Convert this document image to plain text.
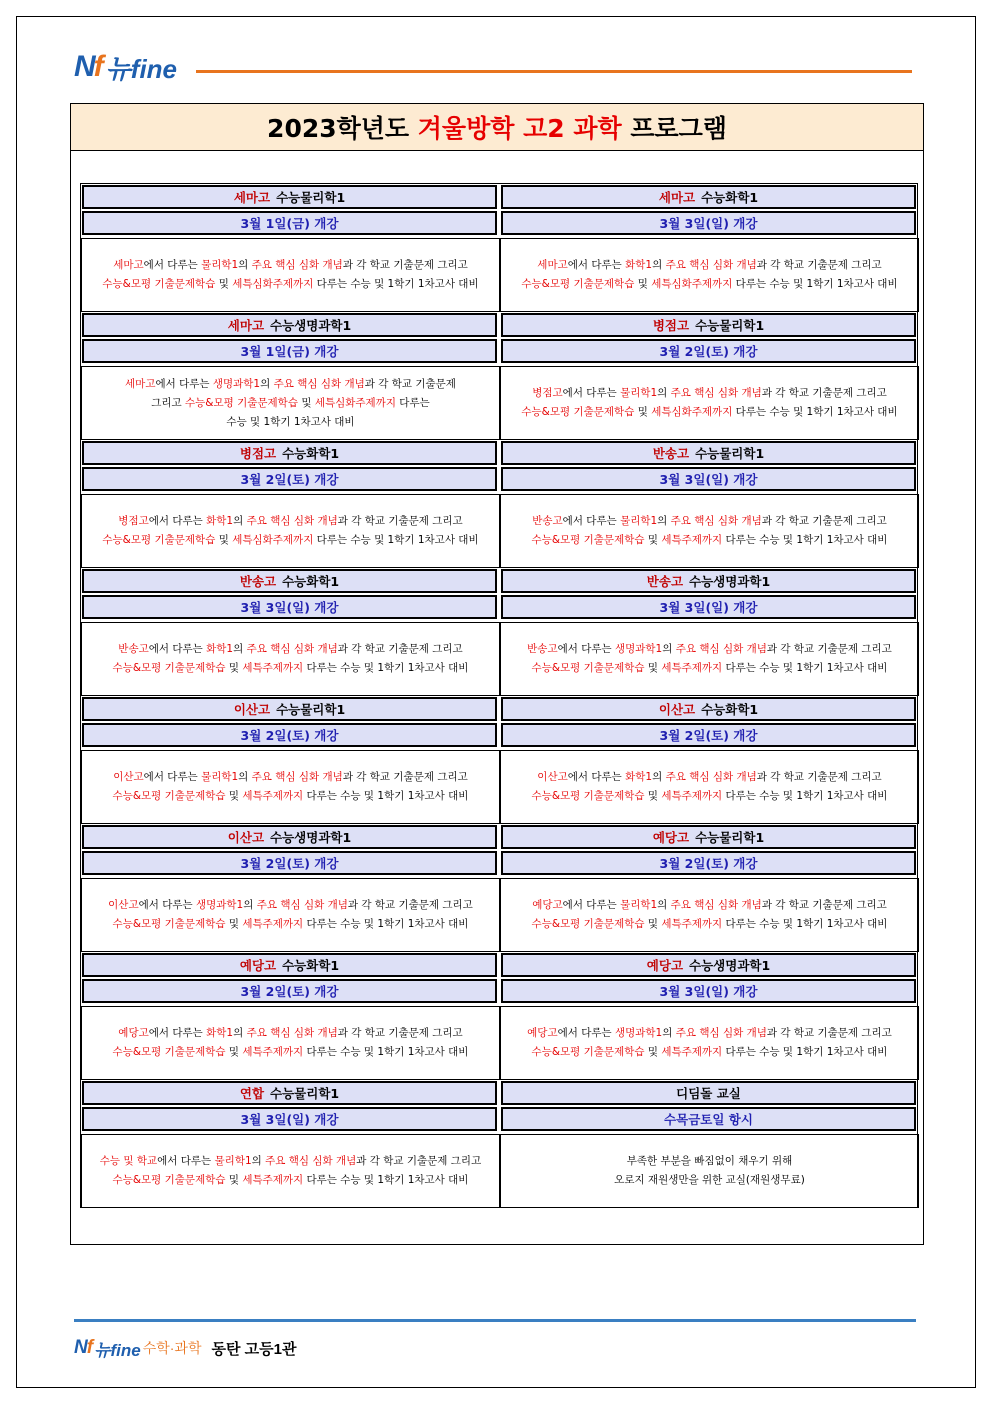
Nf 뉴fine
2023학년도 겨울방학 고2 과학 프로그램
세마고 수능물리학1
3월 1일(금) 개강
세마고에서 다루는 물리학1의 주요 핵심 심화 개념과 각 학교 기출문제 그리고
수능&모평 기출문제학습 및 세특심화주제까지 다루는 수능 및 1학기 1차고사 대비
세마고 수능화학1
3월 3일(일) 개강
세마고에서 다루는 화학1의 주요 핵심 심화 개념과 각 학교 기출문제 그리고
수능&모평 기출문제학습 및 세특심화주제까지 다루는 수능 및 1학기 1차고사 대비
세마고 수능생명과학1
3월 1일(금) 개강
세마고에서 다루는 생명과학1의 주요 핵심 심화 개념과 각 학교 기출문제
그리고 수능&모평 기출문제학습 및 세특심화주제까지 다루는
수능 및 1학기 1차고사 대비
병점고 수능물리학1
3월 2일(토) 개강
병점고에서 다루는 물리학1의 주요 핵심 심화 개념과 각 학교 기출문제 그리고
수능&모평 기출문제학습 및 세특심화주제까지 다루는 수능 및 1학기 1차고사 대비
병점고 수능화학1
3월 2일(토) 개강
병점고에서 다루는 화학1의 주요 핵심 심화 개념과 각 학교 기출문제 그리고
수능&모평 기출문제학습 및 세특심화주제까지 다루는 수능 및 1학기 1차고사 대비
반송고 수능물리학1
3월 3일(일) 개강
반송고에서 다루는 물리학1의 주요 핵심 심화 개념과 각 학교 기출문제 그리고
수능&모평 기출문제학습 및 세특주제까지 다루는 수능 및 1학기 1차고사 대비
반송고 수능화학1
3월 3일(일) 개강
반송고에서 다루는 화학1의 주요 핵심 심화 개념과 각 학교 기출문제 그리고
수능&모평 기출문제학습 및 세특주제까지 다루는 수능 및 1학기 1차고사 대비
반송고 수능생명과학1
3월 3일(일) 개강
반송고에서 다루는 생명과학1의 주요 핵심 심화 개념과 각 학교 기출문제 그리고
수능&모평 기출문제학습 및 세특주제까지 다루는 수능 및 1학기 1차고사 대비
이산고 수능물리학1
3월 2일(토) 개강
이산고에서 다루는 물리학1의 주요 핵심 심화 개념과 각 학교 기출문제 그리고
수능&모평 기출문제학습 및 세특주제까지 다루는 수능 및 1학기 1차고사 대비
이산고 수능화학1
3월 2일(토) 개강
이산고에서 다루는 화학1의 주요 핵심 심화 개념과 각 학교 기출문제 그리고
수능&모평 기출문제학습 및 세특주제까지 다루는 수능 및 1학기 1차고사 대비
이산고 수능생명과학1
3월 2일(토) 개강
이산고에서 다루는 생명과학1의 주요 핵심 심화 개념과 각 학교 기출문제 그리고
수능&모평 기출문제학습 및 세특주제까지 다루는 수능 및 1학기 1차고사 대비
예당고 수능물리학1
3월 2일(토) 개강
예당고에서 다루는 물리학1의 주요 핵심 심화 개념과 각 학교 기출문제 그리고
수능&모평 기출문제학습 및 세특주제까지 다루는 수능 및 1학기 1차고사 대비
예당고 수능화학1
3월 2일(토) 개강
예당고에서 다루는 화학1의 주요 핵심 심화 개념과 각 학교 기출문제 그리고
수능&모평 기출문제학습 및 세특주제까지 다루는 수능 및 1학기 1차고사 대비
예당고 수능생명과학1
3월 3일(일) 개강
예당고에서 다루는 생명과학1의 주요 핵심 심화 개념과 각 학교 기출문제 그리고
수능&모평 기출문제학습 및 세특주제까지 다루는 수능 및 1학기 1차고사 대비
연합 수능물리학1
3월 3일(일) 개강
수능 및 학교에서 다루는 물리학1의 주요 핵심 심화 개념과 각 학교 기출문제 그리고
수능&모평 기출문제학습 및 세특주제까지 다루는 수능 및 1학기 1차고사 대비
디딤돌 교실
수목금토일 항시
부족한 부분을 빠짐없이 채우기 위해
오로지 재원생만을 위한 교실(재원생무료)
Nf 뉴fine 수학·과학 동탄 고등1관
